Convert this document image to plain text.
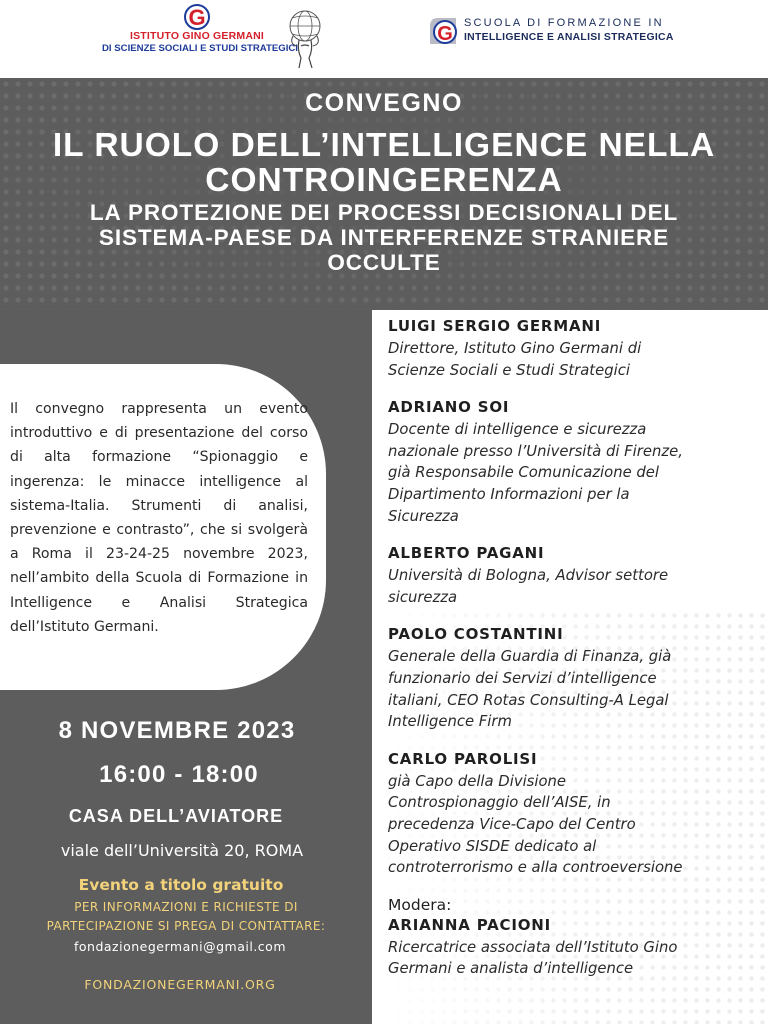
G
ISTITUTO GINO GERMANI
DI SCIENZE SOCIALI E STUDI STRATEGICI
G SCUOLA DI FORMAZIONE IN
INTELLIGENCE E ANALISI STRATEGICA
CONVEGNO
IL RUOLO DELL’INTELLIGENCE NELLA
CONTROINGERENZA
LA PROTEZIONE DEI PROCESSI DECISIONALI DEL
SISTEMA-PAESE DA INTERFERENZE STRANIERE
OCCULTE
Il convegno rappresenta un evento introduttivo e di presentazione del corso di alta formazione “Spionaggio e ingerenza: le minacce intelligence al sistema-Italia. Strumenti di analisi, prevenzione e contrasto”, che si svolgerà a Roma il 23-24-25 novembre 2023, nell’ambito della Scuola di Formazione in Intelligence e Analisi Strategica dell’Istituto Germani.
LUIGI SERGIO GERMANI
Direttore, Istituto Gino Germani di
Scienze Sociali e Studi Strategici
ADRIANO SOI
Docente di intelligence e sicurezza
nazionale presso l’Università di Firenze,
già Responsabile Comunicazione del
Dipartimento Informazioni per la
Sicurezza
ALBERTO PAGANI
Università di Bologna, Advisor settore
sicurezza
PAOLO COSTANTINI
Generale della Guardia di Finanza, già
funzionario dei Servizi d’intelligence
italiani, CEO Rotas Consulting-A Legal
Intelligence Firm
CARLO PAROLISI
già Capo della Divisione
Controspionaggio dell’AISE, in
precedenza Vice-Capo del Centro
Operativo SISDE dedicato al
controterrorismo e alla controeversione
Modera:
ARIANNA PACIONI
Ricercatrice associata dell’Istituto Gino
Germani e analista d’intelligence
8 NOVEMBRE 2023
16:00 - 18:00
CASA DELL’AVIATORE
viale dell’Università 20, ROMA
Evento a titolo gratuito
PER INFORMAZIONI E RICHIESTE DI
PARTECIPAZIONE SI PREGA DI CONTATTARE:
fondazionegermani@gmail.com
FONDAZIONEGERMANI.ORG
